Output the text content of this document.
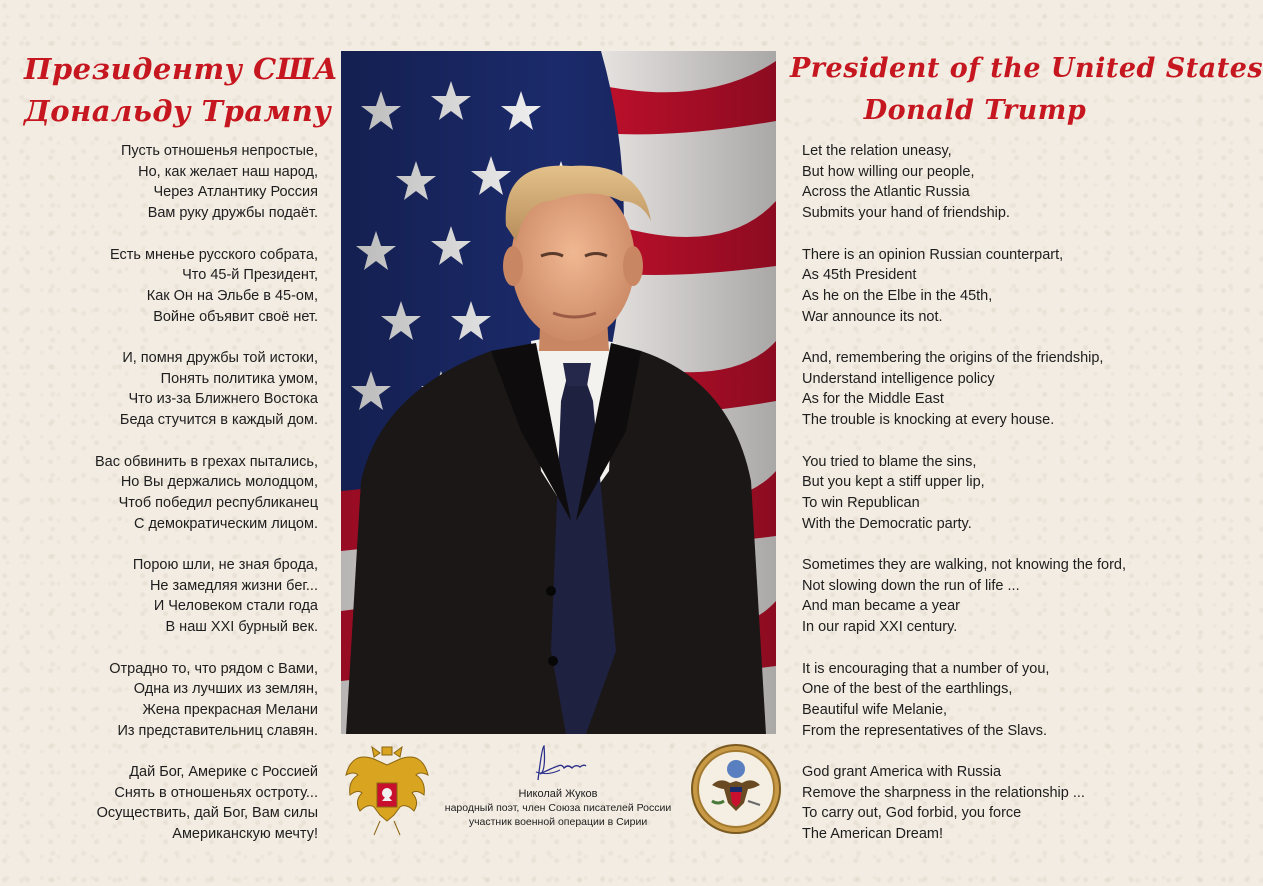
Президенту США
Дональду Трампу
President of the United States
Donald Trump
Пусть отношенья непростые,
Но, как желает наш народ,
Через Атлантику Россия
Вам руку дружбы подаёт.
Есть мненье русского собрата,
Что 45-й Президент,
Как Он на Эльбе в 45-ом,
Войне объявит своё нет.
И, помня дружбы той истоки,
Понять политика умом,
Что из-за Ближнего Востока
Беда стучится в каждый дом.
Вас обвинить в грехах пытались,
Но Вы держались молодцом,
Чтоб победил республиканец
С демократическим лицом.
Порою шли, не зная брода,
Не замедляя жизни бег...
И Человеком стали года
В наш XXI бурный век.
Отрадно то, что рядом с Вами,
Одна из лучших из землян,
Жена прекрасная Мелани
Из представительниц славян.
Дай Бог, Америке с Россией
Снять в отношеньях остроту...
Осуществить, дай Бог, Вам силы
Американскую мечту!
Let the relation uneasy,
But how willing our people,
Across the Atlantic Russia
Submits your hand of friendship.
There is an opinion Russian counterpart,
As 45th President
As he on the Elbe in the 45th,
War announce its not.
And, remembering the origins of the friendship,
Understand intelligence policy
As for the Middle East
The trouble is knocking at every house.
You tried to blame the sins,
But you kept a stiff upper lip,
To win Republican
With the Democratic party.
Sometimes they are walking, not knowing the ford,
Not slowing down the run of life ...
And man became a year
In our rapid XXI century.
It is encouraging that a number of you,
One of the best of the earthlings,
Beautiful wife Melanie,
From the representatives of the Slavs.
God grant America with Russia
Remove the sharpness in the relationship ...
To carry out, God forbid, you force
The American Dream!
Николай Жуков
народный поэт, член Союза писателей России
участник военной операции в Сирии
